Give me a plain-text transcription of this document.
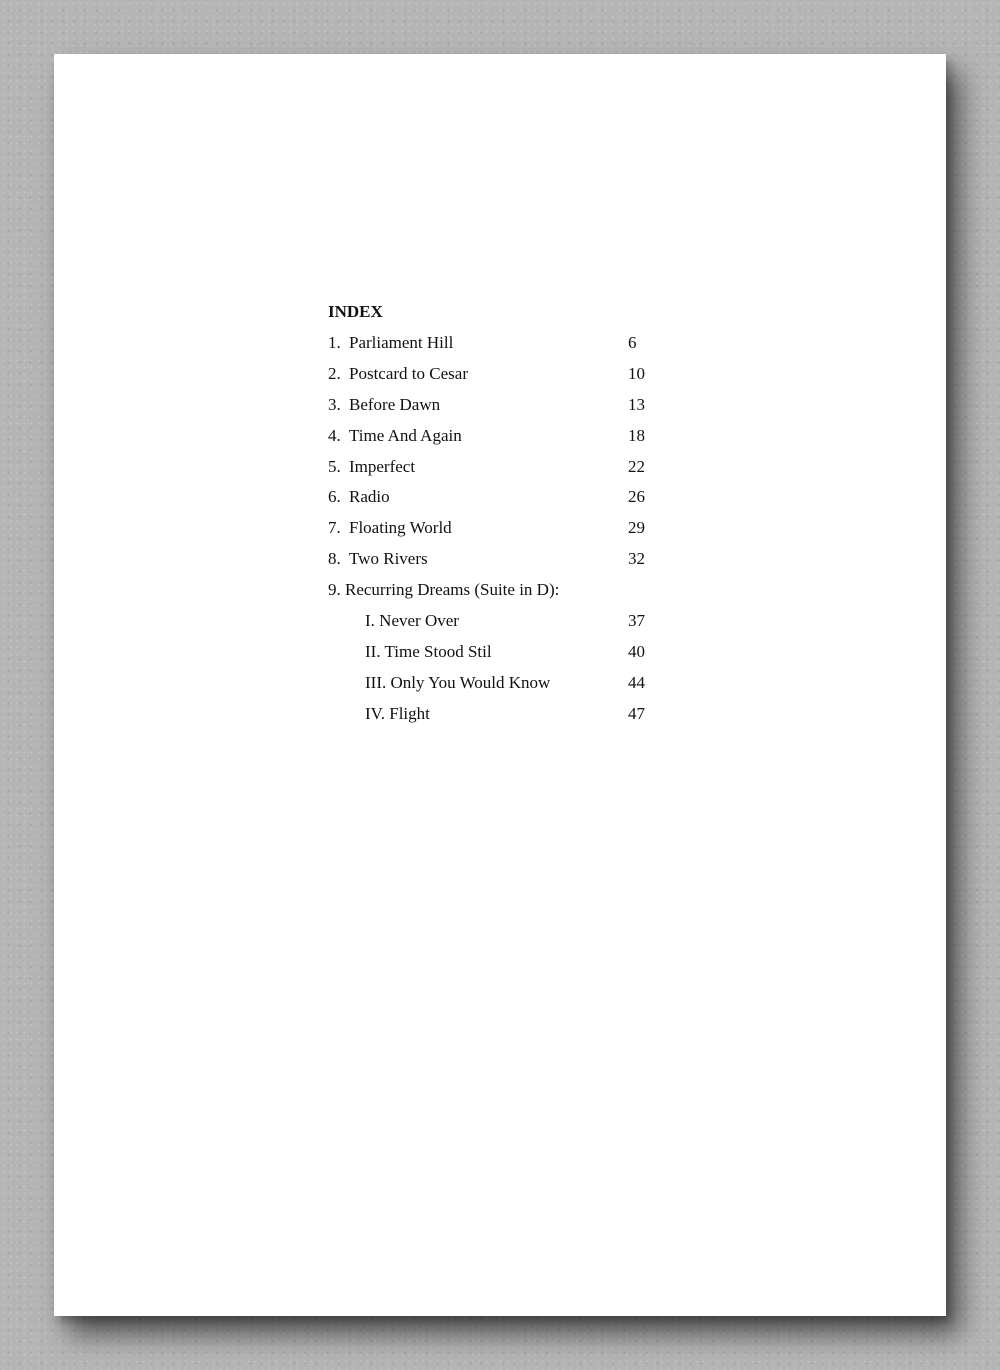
INDEX
1. Parliament Hill	6
2. Postcard to Cesar	10
3. Before Dawn	13
4. Time And Again	18
5. Imperfect	22
6. Radio	26
7. Floating World	29
8. Two Rivers	32
9. Recurring Dreams (Suite in D):
I. Never Over	37
II. Time Stood Stil	40
III. Only You Would Know	44
IV. Flight	47
